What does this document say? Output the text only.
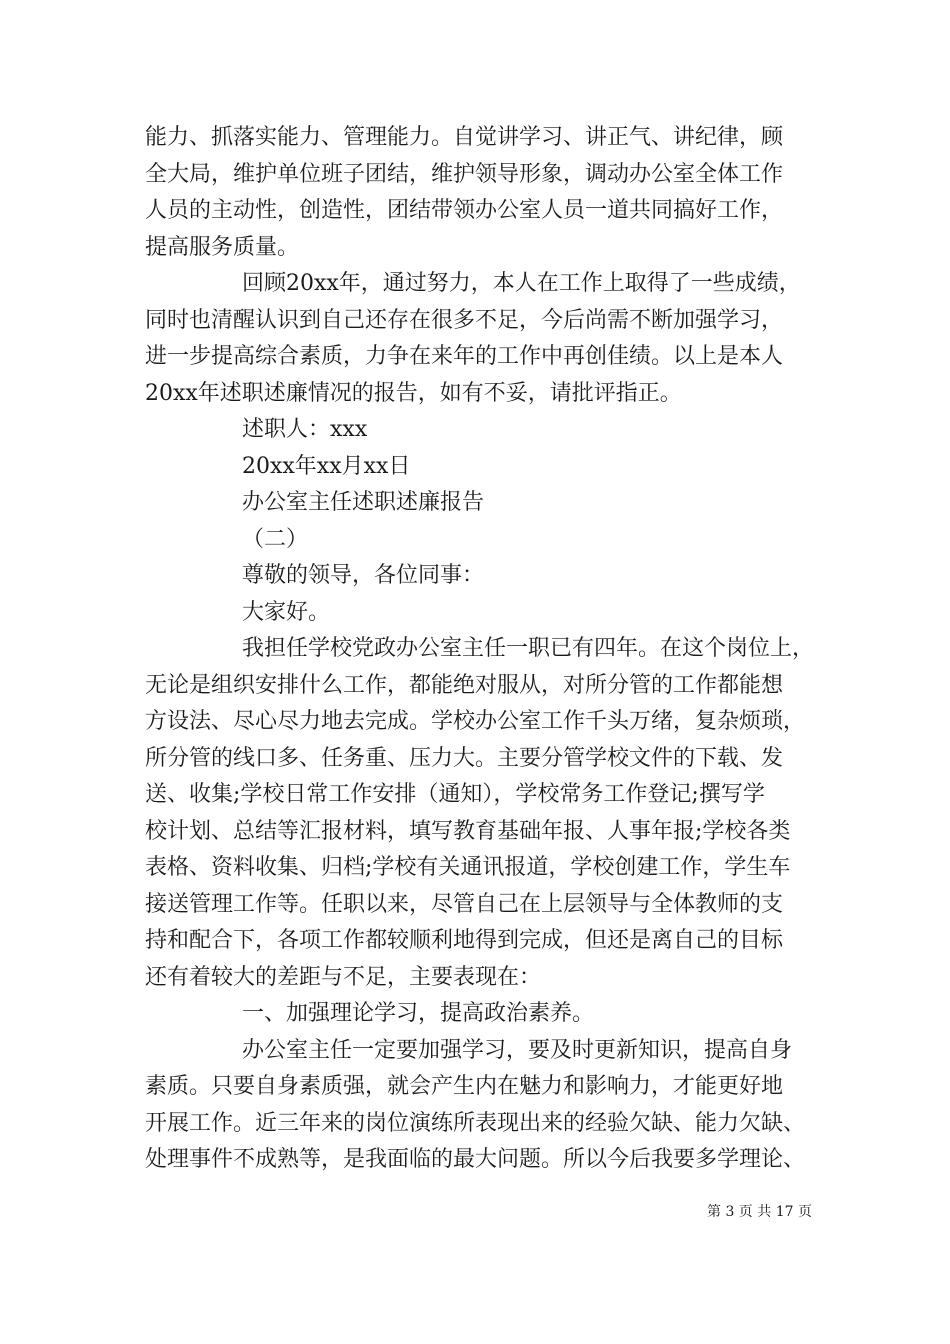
能力、抓落实能力、管理能力。自觉讲学习、讲正气、讲纪律，顾
全大局，维护单位班子团结，维护领导形象，调动办公室全体工作
人员的主动性，创造性，团结带领办公室人员一道共同搞好工作，
提高服务质量。
回顾20xx年，通过努力，本人在工作上取得了一些成绩，
同时也清醒认识到自己还存在很多不足，今后尚需不断加强学习，
进一步提高综合素质，力争在来年的工作中再创佳绩。以上是本人
20xx年述职述廉情况的报告，如有不妥，请批评指正。
述职人：xxx
20xx年xx月xx日
办公室主任述职述廉报告
（二）
尊敬的领导，各位同事：
大家好。
我担任学校党政办公室主任一职已有四年。在这个岗位上，
无论是组织安排什么工作，都能绝对服从，对所分管的工作都能想
方设法、尽心尽力地去完成。学校办公室工作千头万绪，复杂烦琐，
所分管的线口多、任务重、压力大。主要分管学校文件的下载、发
送、收集;学校日常工作安排（通知），学校常务工作登记;撰写学
校计划、总结等汇报材料，填写教育基础年报、人事年报;学校各类
表格、资料收集、归档;学校有关通讯报道，学校创建工作，学生车
接送管理工作等。任职以来，尽管自己在上层领导与全体教师的支
持和配合下，各项工作都较顺利地得到完成，但还是离自己的目标
还有着较大的差距与不足，主要表现在：
一、加强理论学习，提高政治素养。
办公室主任一定要加强学习，要及时更新知识，提高自身
素质。只要自身素质强，就会产生内在魅力和影响力，才能更好地
开展工作。近三年来的岗位演练所表现出来的经验欠缺、能力欠缺、
处理事件不成熟等，是我面临的最大问题。所以今后我要多学理论、
第 3 页 共 17 页
